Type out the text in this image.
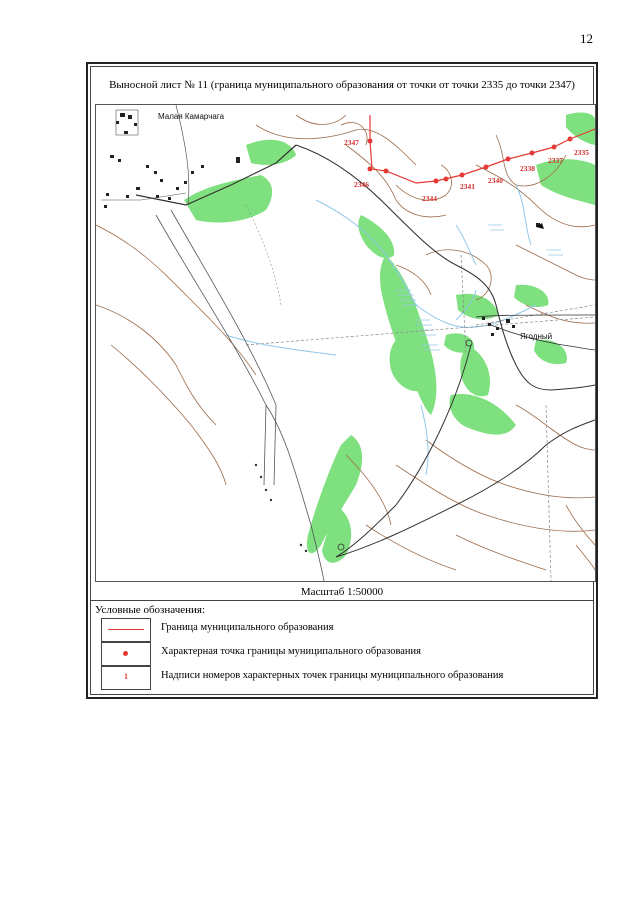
12
Выносной лист № 11 (граница муниципального образования от точки от точки 2335 до точки 2347)
2335
2337
2338
2340
2341
2344
2346
2347
Малая Камарчага
Ягодный
Масштаб 1:50000
Условные обозначения:
Граница муниципального образования
Характерная точка границы муниципального образования
1	Надписи номеров характерных точек границы муниципального образования
